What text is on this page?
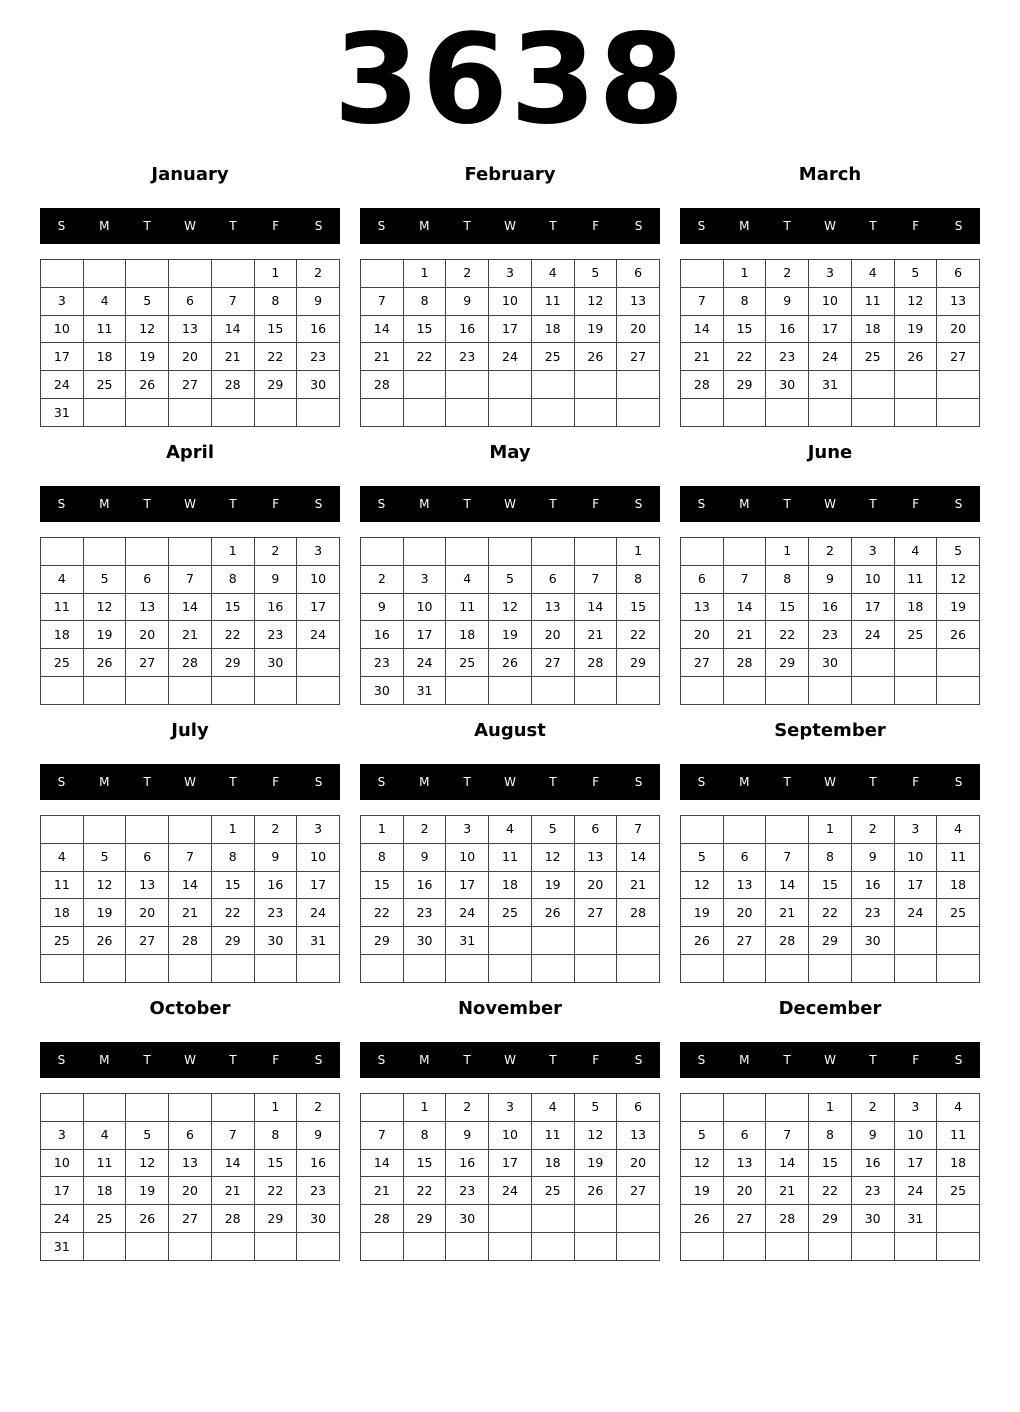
3638
January
S	M	T	W	T	F	S
					1	2
3	4	5	6	7	8	9
10	11	12	13	14	15	16
17	18	19	20	21	22	23
24	25	26	27	28	29	30
31						
February
S	M	T	W	T	F	S
	1	2	3	4	5	6
7	8	9	10	11	12	13
14	15	16	17	18	19	20
21	22	23	24	25	26	27
28						

March
S	M	T	W	T	F	S
	1	2	3	4	5	6
7	8	9	10	11	12	13
14	15	16	17	18	19	20
21	22	23	24	25	26	27
28	29	30	31			

April
S	M	T	W	T	F	S
				1	2	3
4	5	6	7	8	9	10
11	12	13	14	15	16	17
18	19	20	21	22	23	24
25	26	27	28	29	30	

May
S	M	T	W	T	F	S
						1
2	3	4	5	6	7	8
9	10	11	12	13	14	15
16	17	18	19	20	21	22
23	24	25	26	27	28	29
30	31					
June
S	M	T	W	T	F	S
		1	2	3	4	5
6	7	8	9	10	11	12
13	14	15	16	17	18	19
20	21	22	23	24	25	26
27	28	29	30			

July
S	M	T	W	T	F	S
				1	2	3
4	5	6	7	8	9	10
11	12	13	14	15	16	17
18	19	20	21	22	23	24
25	26	27	28	29	30	31

August
S	M	T	W	T	F	S
1	2	3	4	5	6	7
8	9	10	11	12	13	14
15	16	17	18	19	20	21
22	23	24	25	26	27	28
29	30	31				

September
S	M	T	W	T	F	S
			1	2	3	4
5	6	7	8	9	10	11
12	13	14	15	16	17	18
19	20	21	22	23	24	25
26	27	28	29	30		

October
S	M	T	W	T	F	S
					1	2
3	4	5	6	7	8	9
10	11	12	13	14	15	16
17	18	19	20	21	22	23
24	25	26	27	28	29	30
31						
November
S	M	T	W	T	F	S
	1	2	3	4	5	6
7	8	9	10	11	12	13
14	15	16	17	18	19	20
21	22	23	24	25	26	27
28	29	30				

December
S	M	T	W	T	F	S
			1	2	3	4
5	6	7	8	9	10	11
12	13	14	15	16	17	18
19	20	21	22	23	24	25
26	27	28	29	30	31	
